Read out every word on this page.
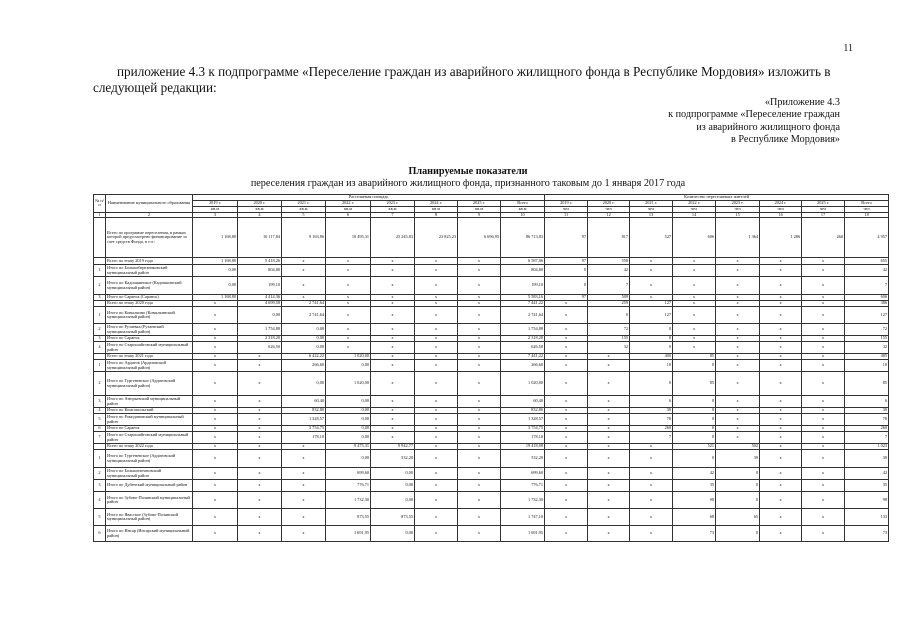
11
приложение 4.3 к подпрограмме «Переселение граждан из аварийного жилищного фонда в Республике Мордовия» изложить в следующей редакции:
«Приложение 4.3
к подпрограмме «Переселение граждан
из аварийного жилищного фонда
в Республике Мордовия»
Планируемые показатели
переселения граждан из аварийного жилищного фонда, признанного таковым до 1 января 2017 года
№ п/п	Наименование муниципального образования	Расселяемая площадь								Количество переселяемых жителей							
		2019 г.	2020 г.	2021 г.	2022 г.	2023 г.	2024 г.	2025 г.	Всего	2019 г.	2020 г.	2021 г.	2022 г.	2023 г.	2024 г.	2025 г.	Всего
		кв.м	кв.м	кв.м	кв.м	кв.м	кв.м	кв.м	кв.м	чел	чел	чел	чел	чел	чел	чел	чел
1	2	3	4	5	6	7	8	9	10	11	12	13	14	15	16	17	18
	Всего по программе переселения, в рамках которой предусмотрено финансирование за счет средств Фонда, в т.ч.:	1 168,80	10 117,84	9 163,86	10 495,31	25 245,83	23 825,23	6 696,95	86 713,83	97	817	527	606	1 364	1 286	260	4 957
	Всего по этапу 2019 года	1 168,80	5 418,26	x	x	x	x	x	6 587,06	97	558	x	x	x	x	x	655
1	Итого по Большеберезниковский муниципальный район	0,00	804,80	x	x	x	x	x	804,80	0	42	x	x	x	x	x	42
2	Итого по Кадошкинское (Кадошкинский муниципальный район)	0,00	199,10	x	x	x	x	x	199,10	0	7	x	x	x	x	x	7
3	Итого по Саранск (Саранск)	1 168,80	4 414,36	x	x	x	x	x	5 583,16	97	509	x	x	x	x	x	606
	Всего по этапу 2020 года	x	4 699,58	2 741,64	x	x	x	x	7 441,22	x	259	127	x	x	x	x	386
1	Итого по Ковылкино (Ковылкинский муниципальный район)	x	0,00	2 741,64	x	x	x	x	2 741,64	x	0	127	x	x	x	x	127
2	Итого по Рузаевка (Рузаевский муниципальный район)	x	1 754,88	0,00	x	x	x	x	1 754,88	x	72	0	x	x	x	x	72
3	Итого по Саранск	x	2 318,20	0,00	x	x	x	x	2 318,20	x	155	0	x	x	x	x	155
4	Итого по Старошайговский муниципальный район	x	626,50	0,00	x	x	x	x	626,50	x	32	0	x	x	x	x	32
	Всего по этапу 2021 года	x	x	6 422,22	1 020,00	x	x	x	7 441,22	x	x	400	85	x	x	x	485
1	Итого по Ардатов (Ардатовский муниципальный район)	x	x	266,60	0,00	x	x	x	266,60	x	x	10	0	x	x	x	10
2	Итого по Тургеневское (Ардатовский муниципальный район)	x	x	0,00	1 020,00	x	x	x	1 020,00	x	x	0	85	x	x	x	85
3	Итого по Атюрьевский муниципальный район	x	x	60,40	0,00	x	x	x	60,40	x	x	6	0	x	x	x	6
4	Итого по Комсомольский	x	x	832,80	0,00	x	x	x	832,80	x	x	39	0	x	x	x	39
5	Итого по Ромодановский муниципальный район	x	x	1 328,57	0,00	x	x	x	1 328,57	x	x	78	0	x	x	x	78
6	Итого по Саранск	x	x	3 754,75	0,00	x	x	x	3 754,75	x	x	260	0	x	x	x	260
7	Итого по Старошайговский муниципальный район	x	x	178,10	0,00	x	x	x	178,10	x	x	7	0	x	x	x	7
	Всего по этапу 2022 года	x	x	x	9 475,31	9 942,77	x	x	19 418,08	x	x	x	521	502	x	x	1 023
1	Итого по Тургеневское (Ардатовский муниципальный район)	x	x	x	0,00	532,20	x	x	532,20	x	x	x	0	39	x	x	39
2	Итого по Большеигнатовский муниципальный район	x	x	x	699,60	0,00	x	x	699,60	x	x	x	42	0	x	x	42
3	Итого по Дубенский муниципальный район	x	x	x	776,71	0,00	x	x	776,71	x	x	x	35	0	x	x	35
4	Итого по Зубово-Полянский муниципальный район	x	x	x	1 732,30	0,00	x	x	1 732,30	x	x	x	98	0	x	x	98
5	Итого по Явасское (Зубово-Полянский муниципальный район)	x	x	x	873,55	873,55	x	x	1 747,10	x	x	x	68	65	x	x	133
6	Итого по Инсар (Инсарский муниципальный район)	x	x	x	1 691,95	0,00	x	x	1 691,95	x	x	x	73	0	x	x	73
